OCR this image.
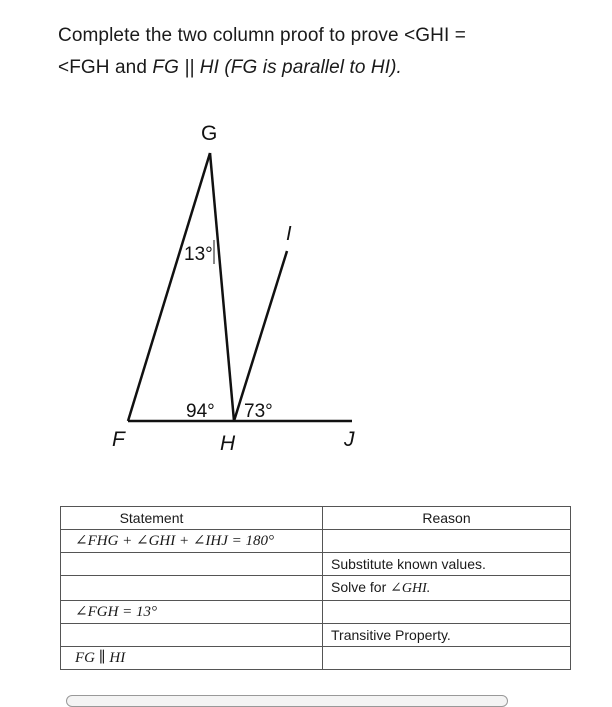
Complete the two column proof to prove <GHI =
<FGH and FG || HI (FG is parallel to HI).
13°
94° 73°
G
I
F	H	J
Statement	Reason
∠FHG + ∠GHI + ∠IHJ = 180°	
	Substitute known values.
	Solve for ∠GHI.
∠FGH = 13°	
	Transitive Property.
FG ∥ HI	
